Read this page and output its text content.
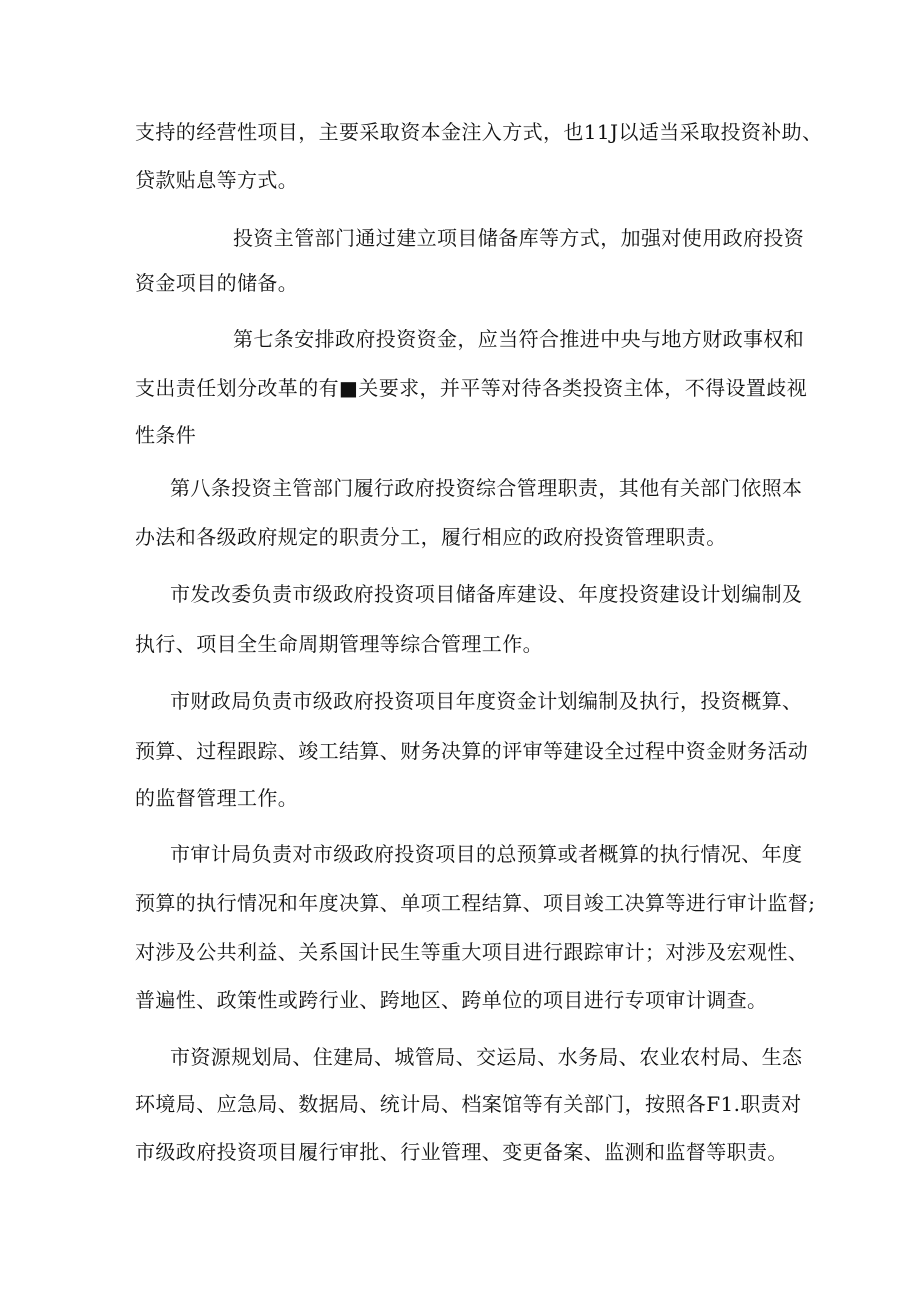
支持的经营性项目，主要采取资本金注入方式，也11J以适当采取投资补助、
贷款贴息等方式。
投资主管部门通过建立项目储备库等方式，加强对使用政府投资
资金项目的储备。
第七条安排政府投资资金，应当符合推进中央与地方财政事权和
支出责任划分改革的有■关要求，并平等对待各类投资主体，不得设置歧视
性条件
第八条投资主管部门履行政府投资综合管理职责，其他有关部门依照本
办法和各级政府规定的职责分工，履行相应的政府投资管理职责。
市发改委负责市级政府投资项目储备库建设、年度投资建设计划编制及
执行、项目全生命周期管理等综合管理工作。
市财政局负责市级政府投资项目年度资金计划编制及执行，投资概算、
预算、过程跟踪、竣工结算、财务决算的评审等建设全过程中资金财务活动
的监督管理工作。
市审计局负责对市级政府投资项目的总预算或者概算的执行情况、年度
预算的执行情况和年度决算、单项工程结算、项目竣工决算等进行审计监督;
对涉及公共利益、关系国计民生等重大项目进行跟踪审计；对涉及宏观性、
普遍性、政策性或跨行业、跨地区、跨单位的项目进行专项审计调查。
市资源规划局、住建局、城管局、交运局、水务局、农业农村局、生态
环境局、应急局、数据局、统计局、档案馆等有关部门，按照各F1.职责对
市级政府投资项目履行审批、行业管理、变更备案、监测和监督等职责。
